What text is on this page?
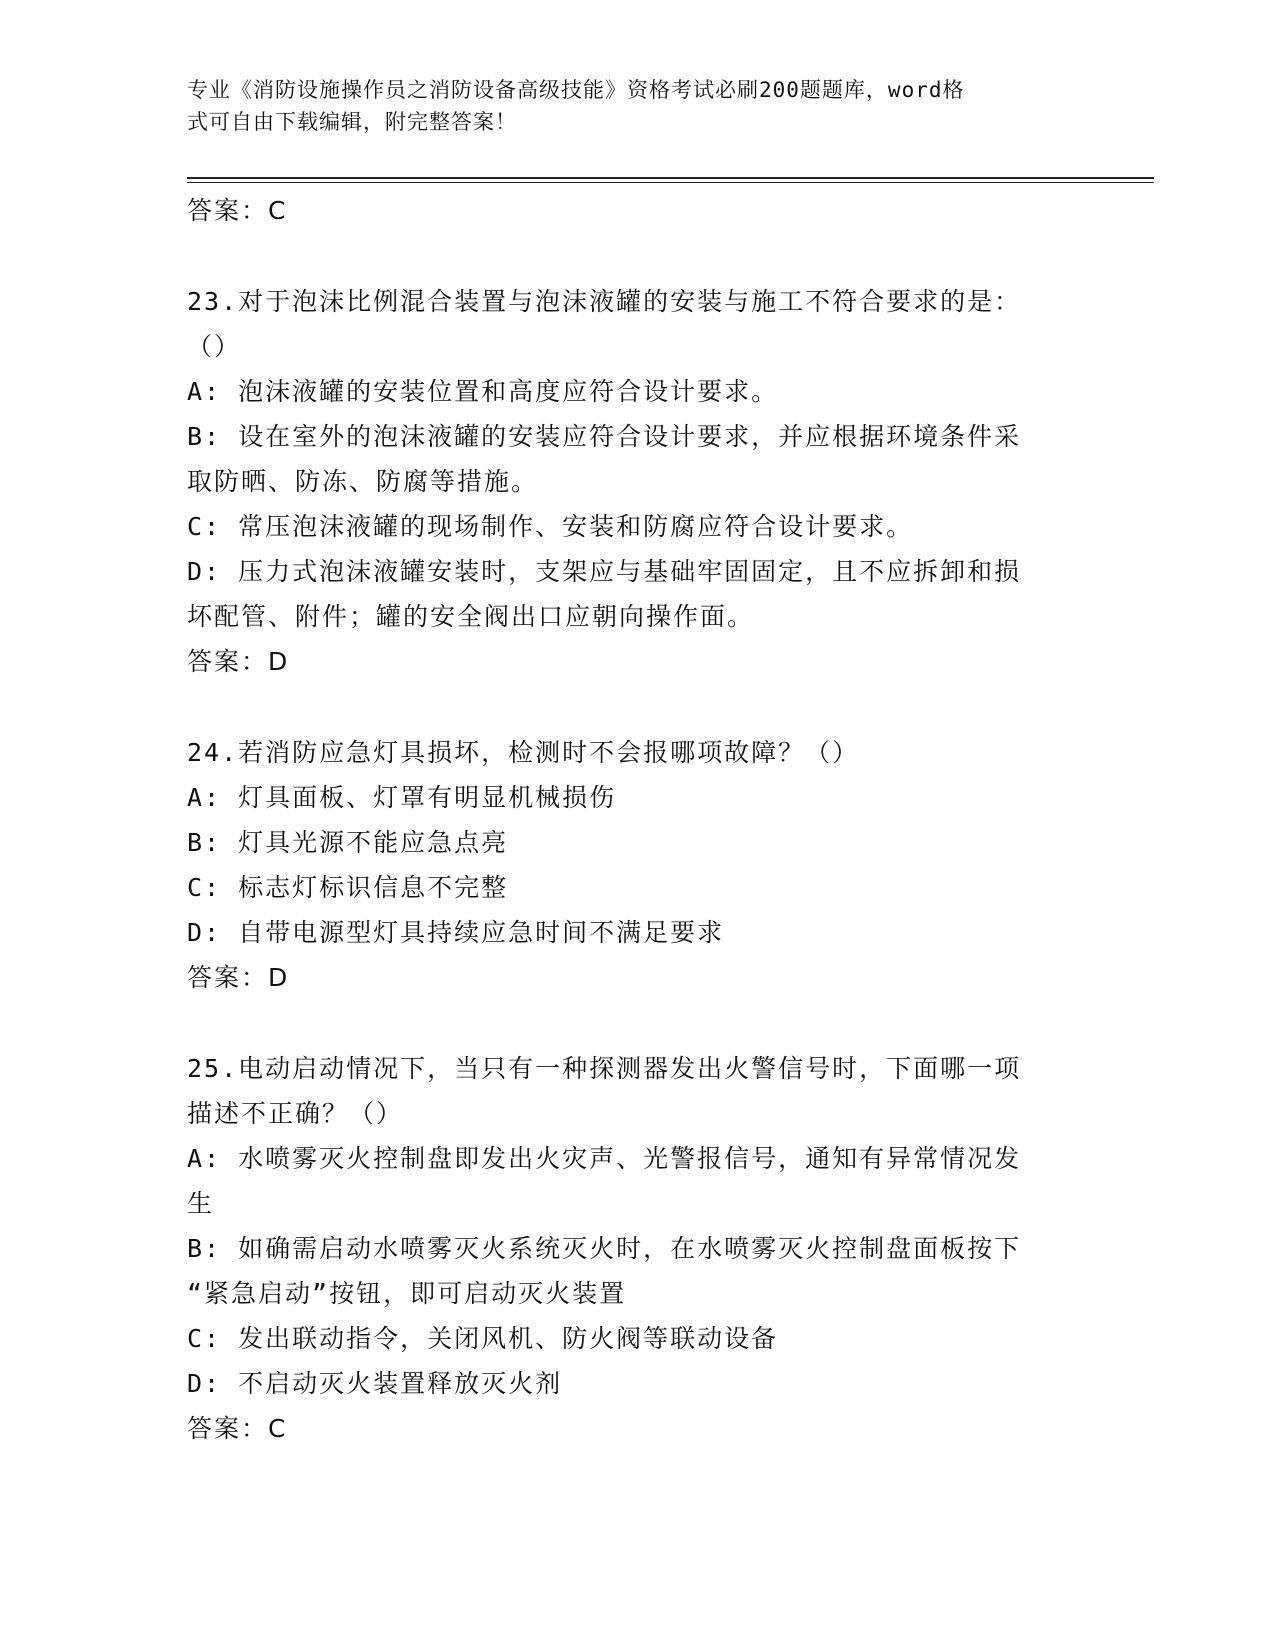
专业《消防设施操作员之消防设备高级技能》资格考试必刷200题题库，word格
式可自由下载编辑，附完整答案！
答案：C
23.对于泡沫比例混合装置与泡沫液罐的安装与施工不符合要求的是：
（）
A: 泡沫液罐的安装位置和高度应符合设计要求。
B: 设在室外的泡沫液罐的安装应符合设计要求，并应根据环境条件采
取防晒、防冻、防腐等措施。
C: 常压泡沫液罐的现场制作、安装和防腐应符合设计要求。
D: 压力式泡沫液罐安装时，支架应与基础牢固固定，且不应拆卸和损
坏配管、附件；罐的安全阀出口应朝向操作面。
答案：D
24.若消防应急灯具损坏，检测时不会报哪项故障？（）
A: 灯具面板、灯罩有明显机械损伤
B: 灯具光源不能应急点亮
C: 标志灯标识信息不完整
D: 自带电源型灯具持续应急时间不满足要求
答案：D
25.电动启动情况下，当只有一种探测器发出火警信号时，下面哪一项
描述不正确？（）
A: 水喷雾灭火控制盘即发出火灾声、光警报信号，通知有异常情况发
生
B: 如确需启动水喷雾灭火系统灭火时，在水喷雾灭火控制盘面板按下
“紧急启动”按钮，即可启动灭火装置
C: 发出联动指令，关闭风机、防火阀等联动设备
D: 不启动灭火装置释放灭火剂
答案：C
